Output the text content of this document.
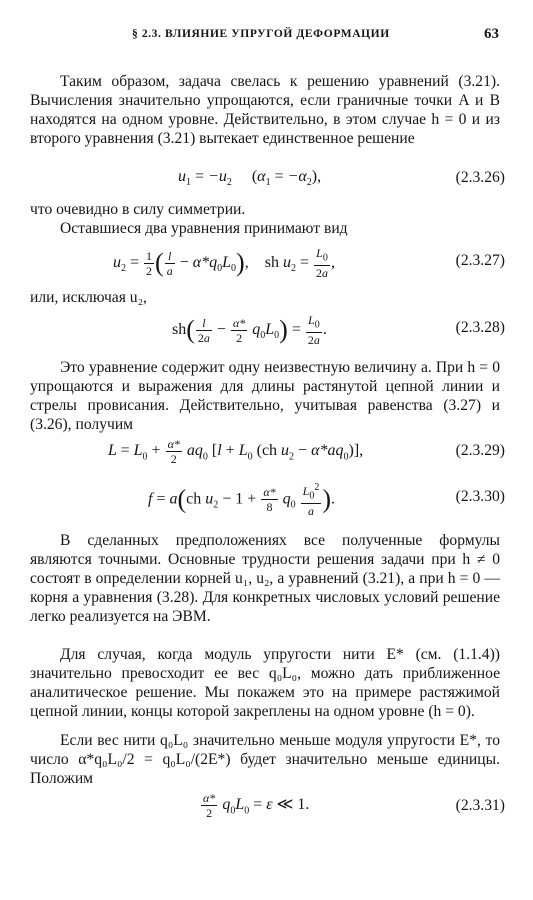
§ 2.3. ВЛИЯНИЕ УПРУГОЙ ДЕФОРМАЦИИ	63

Таким образом, задача свелась к решению уравнений (3.21). Вычисления значительно упрощаются, если граничные точки A и B находятся на одном уровне. Действительно, в этом случае h = 0 и из второго уравнения (3.21) вытекает единственное решение

$u_1 = -u_2$ $(\alpha_1 = -\alpha_2)$,	(2.3.26)

что очевидно в силу симметрии.

Оставшиеся два уравнения принимают вид

$u_2 = \frac{1}{2}$ ( $\frac{l}{a} - \alpha*q_0L_0$), sh $u_2 = \frac{L_0}{2a}$ ,	(2.3.27)

или, исключая u₂,

$sh( \frac{l}{2a} - \frac{\alpha*}{2} q_0L_0) = \frac{L_0}{2a}$ .	(2.3.28)

Это уравнение содержит одну неизвестную величину a. При h = 0 упрощаются и выражения для длины растянутой цепной линии и стрелы провисания. Действительно, учитывая равенства (3.27) и (3.26), получим

$L = L_0 + \frac{\alpha*}{2} aq_0$ [$l + L_0$ (ch $u_2 - \alpha*aq_0$)],	(2.3.29)
f = a(ch $u_2 - 1 + \frac{\alpha*}{8} q_0 \frac{L_0^2}{a}$ ).	(2.3.30)

В сделанных предположениях все полученные формулы являются точными. Основные трудности решения задачи при h ≠ 0 состоят в определении корней u₁, u₂, a уравнений (3.21), а при h = 0 — корня a уравнения (3.28). Для конкретных числовых условий решение легко реализуется на ЭВМ.

Для случая, когда модуль упругости нити E* (см. (1.1.4)) значительно превосходит ее вес q₀L₀, можно дать приближенное аналитическое решение. Мы покажем это на примере растяжимой цепной линии, концы которой закреплены на одном уровне (h = 0).

Если вес нити q₀L₀ значительно меньше модуля упругости E*, то число α*q₀L₀/2 = q₀L₀/(2E*) будет значительно меньше единицы. Положим

$\frac{\alpha*}{2} q_0L_0 = \varepsilon$ ≪ 1.	(2.3.31)
